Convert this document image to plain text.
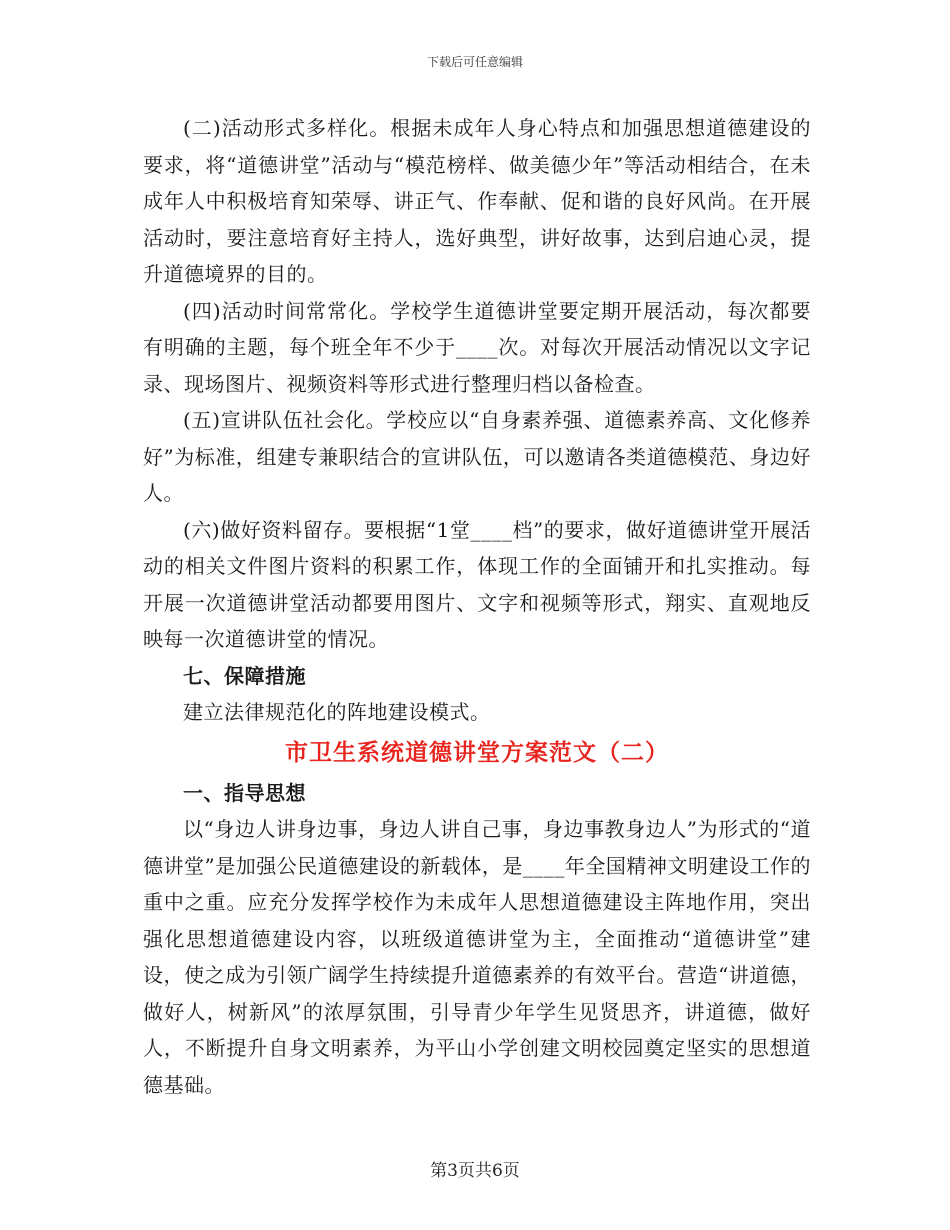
下载后可任意编辑

(二)活动形式多样化。根据未成年人身心特点和加强思想道德建设的要求，将“道德讲堂”活动与“模范榜样、做美德少年”等活动相结合，在未成年人中积极培育知荣辱、讲正气、作奉献、促和谐的良好风尚。在开展活动时，要注意培育好主持人，选好典型，讲好故事，达到启迪心灵，提升道德境界的目的。

(四)活动时间常常化。学校学生道德讲堂要定期开展活动，每次都要有明确的主题，每个班全年不少于____次。对每次开展活动情况以文字记录、现场图片、视频资料等形式进行整理归档以备检查。

(五)宣讲队伍社会化。学校应以“自身素养强、道德素养高、文化修养好”为标准，组建专兼职结合的宣讲队伍，可以邀请各类道德模范、身边好人。

(六)做好资料留存。要根据“1堂____档”的要求，做好道德讲堂开展活动的相关文件图片资料的积累工作，体现工作的全面铺开和扎实推动。每开展一次道德讲堂活动都要用图片、文字和视频等形式，翔实、直观地反映每一次道德讲堂的情况。

七、保障措施

建立法律规范化的阵地建设模式。

市卫生系统道德讲堂方案范文（二）

一、指导思想

以“身边人讲身边事，身边人讲自己事，身边事教身边人”为形式的“道德讲堂”是加强公民道德建设的新载体，是____年全国精神文明建设工作的重中之重。应充分发挥学校作为未成年人思想道德建设主阵地作用，突出强化思想道德建设内容，以班级道德讲堂为主，全面推动“道德讲堂”建设，使之成为引领广阔学生持续提升道德素养的有效平台。营造“讲道德，做好人，树新风”的浓厚氛围，引导青少年学生见贤思齐，讲道德，做好人，不断提升自身文明素养，为平山小学创建文明校园奠定坚实的思想道德基础。

第3页共6页
